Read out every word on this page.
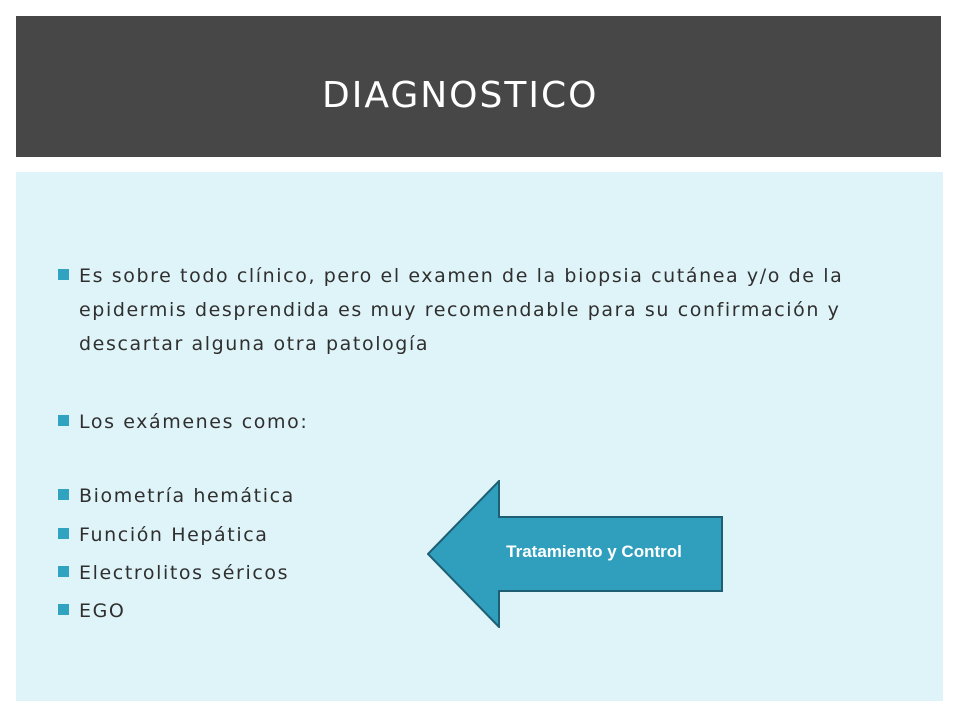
DIAGNOSTICO
Es sobre todo clínico, pero el examen de la biopsia cutánea y/o de la epidermis desprendida es muy recomendable para su confirmación y descartar alguna otra patología
Los exámenes como:
Biometría hemática
Función Hepática
Electrolitos séricos
EGO
Tratamiento y Control
